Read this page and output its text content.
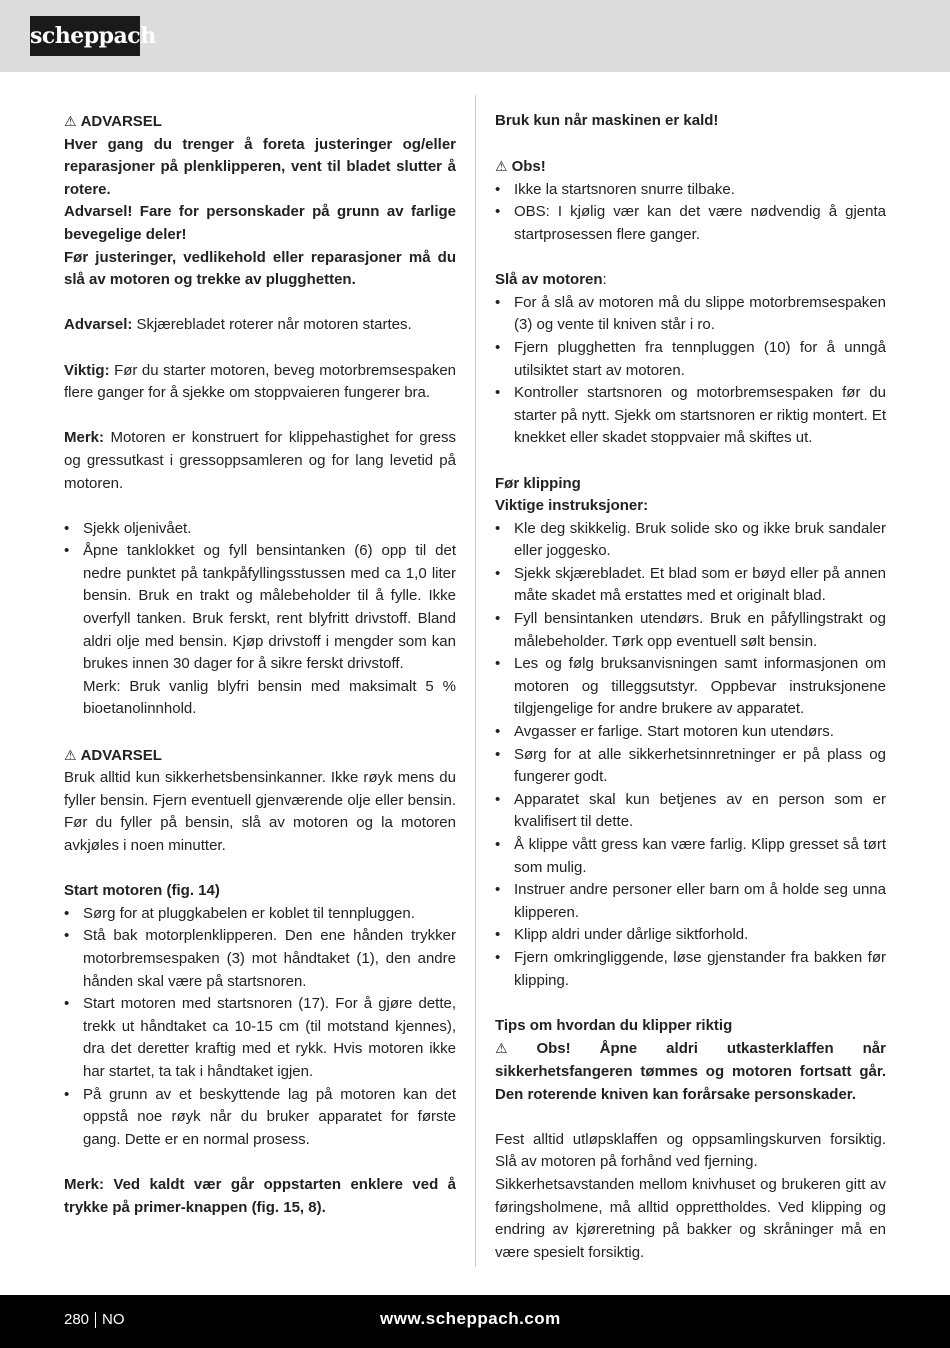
scheppach

⚠ ADVARSEL

Hver gang du trenger å foreta justeringer og/eller reparasjoner på plenklipperen, vent til bladet slutter å rotere.

Advarsel! Fare for personskader på grunn av farlige bevegelige deler!

Før justeringer, vedlikehold eller reparasjoner må du slå av motoren og trekke av plugghetten.

Advarsel: Skjærebladet roterer når motoren startes.

Viktig: Før du starter motoren, beveg motorbremsespaken flere ganger for å sjekke om stoppvaieren fungerer bra.

Merk: Motoren er konstruert for klippehastighet for gress og gressutkast i gressoppsamleren og for lang levetid på motoren.

• Sjekk oljenivået.
• Åpne tanklokket og fyll bensintanken (6) opp til det nedre punktet på tankpåfyllingsstussen med ca 1,0 liter bensin. Bruk en trakt og målebeholder til å fylle. Ikke overfyll tanken. Bruk ferskt, rent blyfritt drivstoff. Bland aldri olje med bensin. Kjøp drivstoff i mengder som kan brukes innen 30 dager for å sikre ferskt drivstoff.

Merk: Bruk vanlig blyfri bensin med maksimalt 5 % bioetanolinnhold.

⚠ ADVARSEL

Bruk alltid kun sikkerhetsbensinkanner. Ikke røyk mens du fyller bensin. Fjern eventuell gjenværende olje eller bensin. Før du fyller på bensin, slå av motoren og la motoren avkjøles i noen minutter.

Start motoren (fig. 14)

• Sørg for at pluggkabelen er koblet til tennpluggen.
• Stå bak motorplenklipperen. Den ene hånden trykker motorbremsespaken (3) mot håndtaket (1), den andre hånden skal være på startsnoren.
• Start motoren med startsnoren (17). For å gjøre dette, trekk ut håndtaket ca 10-15 cm (til motstand kjennes), dra det deretter kraftig med et rykk. Hvis motoren ikke har startet, ta tak i håndtaket igjen.
• På grunn av et beskyttende lag på motoren kan det oppstå noe røyk når du bruker apparatet for første gang. Dette er en normal prosess.

Merk: Ved kaldt vær går oppstarten enklere ved å trykke på primer-knappen (fig. 15, 8).

Bruk kun når maskinen er kald!

⚠ Obs!

• Ikke la startsnoren snurre tilbake.
• OBS: I kjølig vær kan det være nødvendig å gjenta startprosessen flere ganger.

Slå av motoren:

• For å slå av motoren må du slippe motorbremsespaken (3) og vente til kniven står i ro.
• Fjern plugghetten fra tennpluggen (10) for å unngå utilsiktet start av motoren.
• Kontroller startsnoren og motorbremsespaken før du starter på nytt. Sjekk om startsnoren er riktig montert. Et knekket eller skadet stoppvaier må skiftes ut.

Før klipping

Viktige instruksjoner:

• Kle deg skikkelig. Bruk solide sko og ikke bruk sandaler eller joggesko.
• Sjekk skjærebladet. Et blad som er bøyd eller på annen måte skadet må erstattes med et originalt blad.
• Fyll bensintanken utendørs. Bruk en påfyllingstrakt og målebeholder. Tørk opp eventuell sølt bensin.
• Les og følg bruksanvisningen samt informasjonen om motoren og tilleggsutstyr. Oppbevar instruksjonene tilgjengelige for andre brukere av apparatet.
• Avgasser er farlige. Start motoren kun utendørs.
• Sørg for at alle sikkerhetsinnretninger er på plass og fungerer godt.
• Apparatet skal kun betjenes av en person som er kvalifisert til dette.
• Å klippe vått gress kan være farlig. Klipp gresset så tørt som mulig.
• Instruer andre personer eller barn om å holde seg unna klipperen.
• Klipp aldri under dårlige siktforhold.
• Fjern omkringliggende, løse gjenstander fra bakken før klipping.

Tips om hvordan du klipper riktig

⚠ Obs! Åpne aldri utkasterklaffen når sikkerhetsfangeren tømmes og motoren fortsatt går. Den roterende kniven kan forårsake personskader.

Fest alltid utløpsklaffen og oppsamlingskurven forsiktig. Slå av motoren på forhånd ved fjerning.

Sikkerhetsavstanden mellom knivhuset og brukeren gitt av føringsholmene, må alltid opprettholdes. Ved klipping og endring av kjøreretning på bakker og skråninger må en være spesielt forsiktig.

280 NO	www.scheppach.com
